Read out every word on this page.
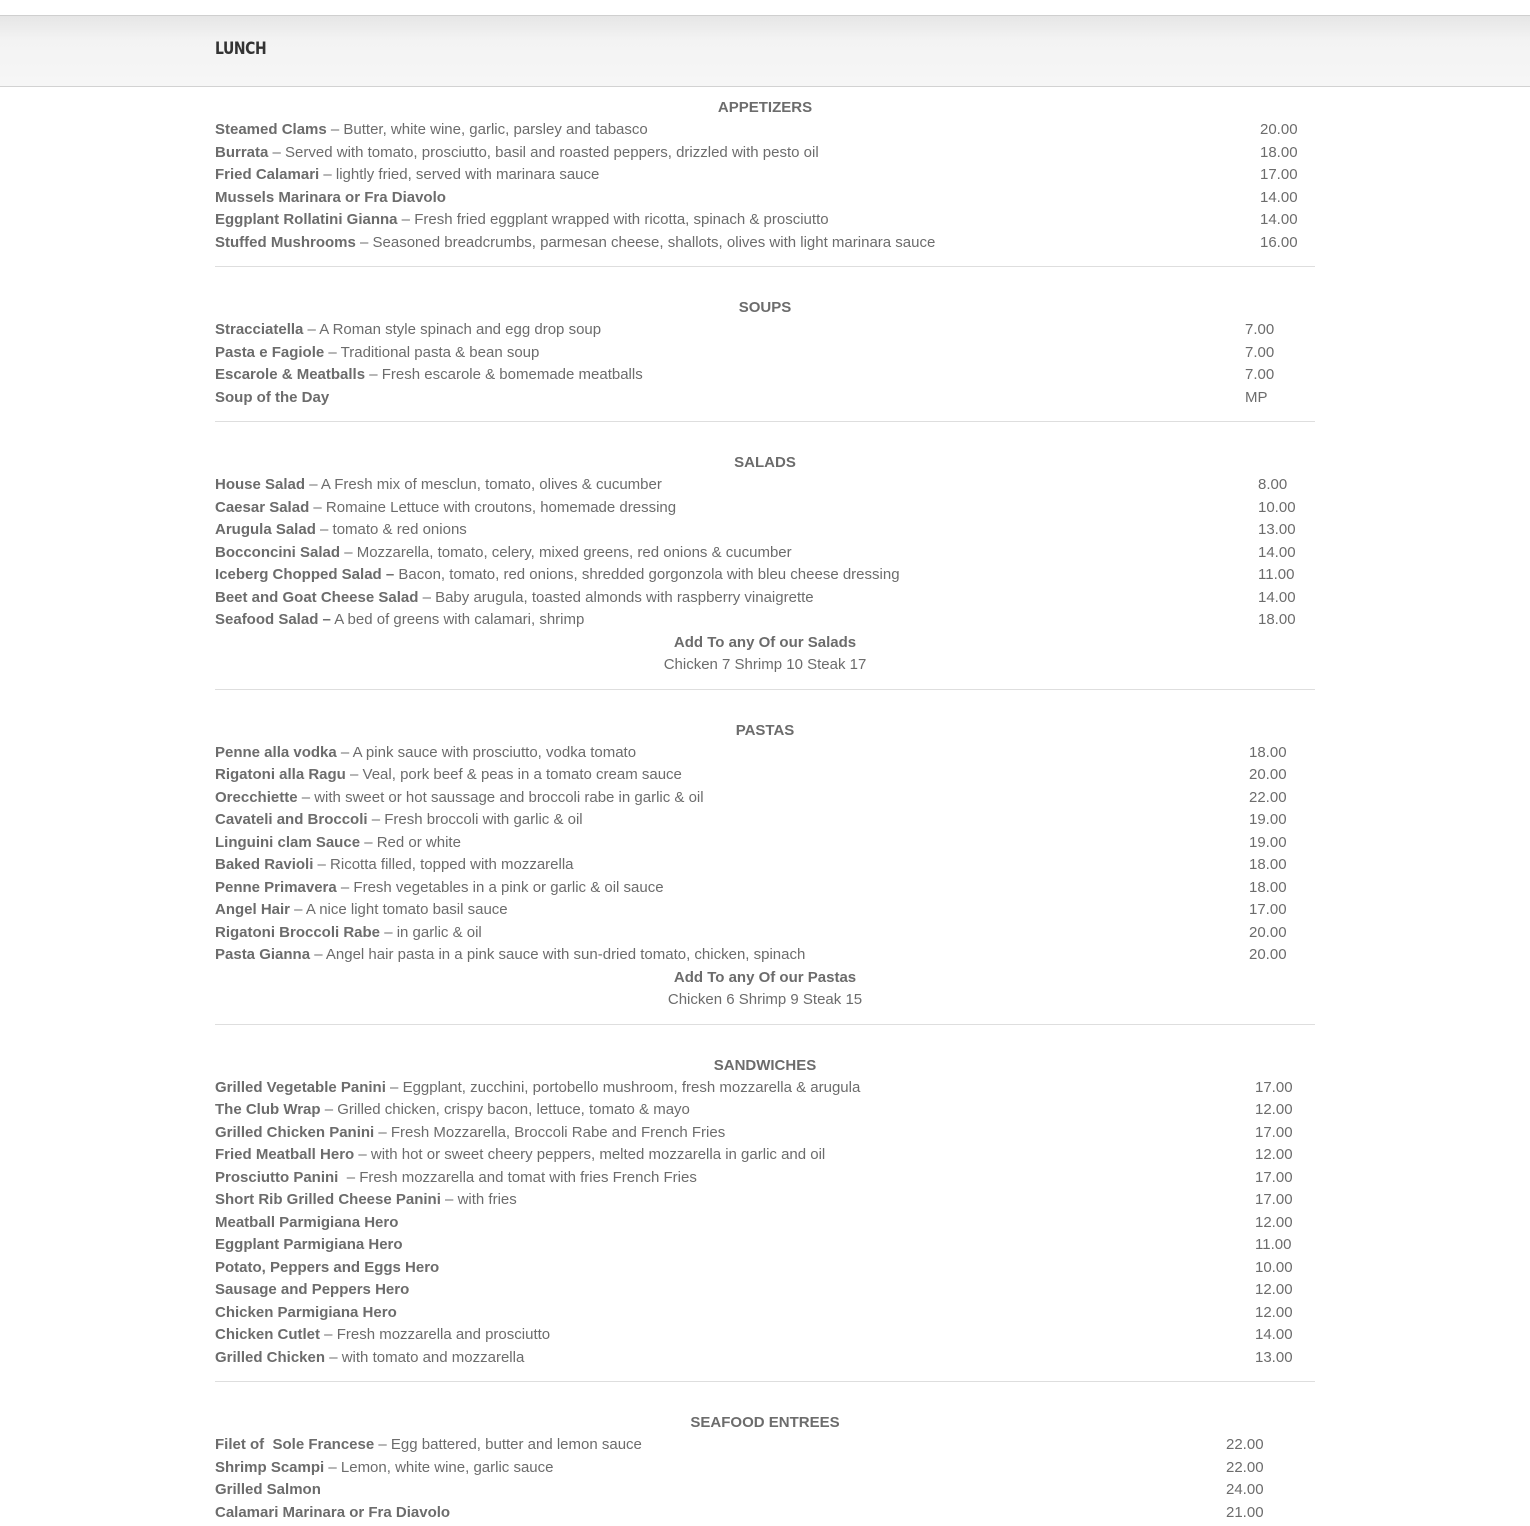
LUNCH
APPETIZERS
Steamed Clams – Butter, white wine, garlic, parsley and tabasco	20.00
Burrata – Served with tomato, prosciutto, basil and roasted peppers, drizzled with pesto oil	18.00
Fried Calamari – lightly fried, served with marinara sauce	17.00
Mussels Marinara or Fra Diavolo	14.00
Eggplant Rollatini Gianna – Fresh fried eggplant wrapped with ricotta, spinach & prosciutto	14.00
Stuffed Mushrooms – Seasoned breadcrumbs, parmesan cheese, shallots, olives with light marinara sauce	16.00
SOUPS
Stracciatella – A Roman style spinach and egg drop soup	7.00
Pasta e Fagiole – Traditional pasta & bean soup	7.00
Escarole & Meatballs – Fresh escarole & bomemade meatballs	7.00
Soup of the Day	MP
SALADS
House Salad – A Fresh mix of mesclun, tomato, olives & cucumber	8.00
Caesar Salad – Romaine Lettuce with croutons, homemade dressing	10.00
Arugula Salad – tomato & red onions	13.00
Bocconcini Salad – Mozzarella, tomato, celery, mixed greens, red onions & cucumber	14.00
Iceberg Chopped Salad – Bacon, tomato, red onions, shredded gorgonzola with bleu cheese dressing	11.00
Beet and Goat Cheese Salad – Baby arugula, toasted almonds with raspberry vinaigrette	14.00
Seafood Salad – A bed of greens with calamari, shrimp	18.00
Add To any Of our Salads
Chicken 7 Shrimp 10 Steak 17
PASTAS
Penne alla vodka – A pink sauce with prosciutto, vodka tomato	18.00
Rigatoni alla Ragu – Veal, pork beef & peas in a tomato cream sauce	20.00
Orecchiette – with sweet or hot saussage and broccoli rabe in garlic & oil	22.00
Cavateli and Broccoli – Fresh broccoli with garlic & oil	19.00
Linguini clam Sauce – Red or white	19.00
Baked Ravioli – Ricotta filled, topped with mozzarella	18.00
Penne Primavera – Fresh vegetables in a pink or garlic & oil sauce	18.00
Angel Hair – A nice light tomato basil sauce	17.00
Rigatoni Broccoli Rabe – in garlic & oil	20.00
Pasta Gianna – Angel hair pasta in a pink sauce with sun-dried tomato, chicken, spinach	20.00
Add To any Of our Pastas
Chicken 6 Shrimp 9 Steak 15
SANDWICHES
Grilled Vegetable Panini – Eggplant, zucchini, portobello mushroom, fresh mozzarella & arugula	17.00
The Club Wrap – Grilled chicken, crispy bacon, lettuce, tomato & mayo	12.00
Grilled Chicken Panini – Fresh Mozzarella, Broccoli Rabe and French Fries	17.00
Fried Meatball Hero – with hot or sweet cheery peppers, melted mozzarella in garlic and oil	12.00
Prosciutto Panini  – Fresh mozzarella and tomat with fries French Fries	17.00
Short Rib Grilled Cheese Panini – with fries	17.00
Meatball Parmigiana Hero	12.00
Eggplant Parmigiana Hero	11.00
Potato, Peppers and Eggs Hero	10.00
Sausage and Peppers Hero	12.00
Chicken Parmigiana Hero	12.00
Chicken Cutlet – Fresh mozzarella and prosciutto	14.00
Grilled Chicken – with tomato and mozzarella	13.00
SEAFOOD ENTREES
Filet of  Sole Francese – Egg battered, butter and lemon sauce	22.00
Shrimp Scampi – Lemon, white wine, garlic sauce	22.00
Grilled Salmon	24.00
Calamari Marinara or Fra Diavolo	21.00
